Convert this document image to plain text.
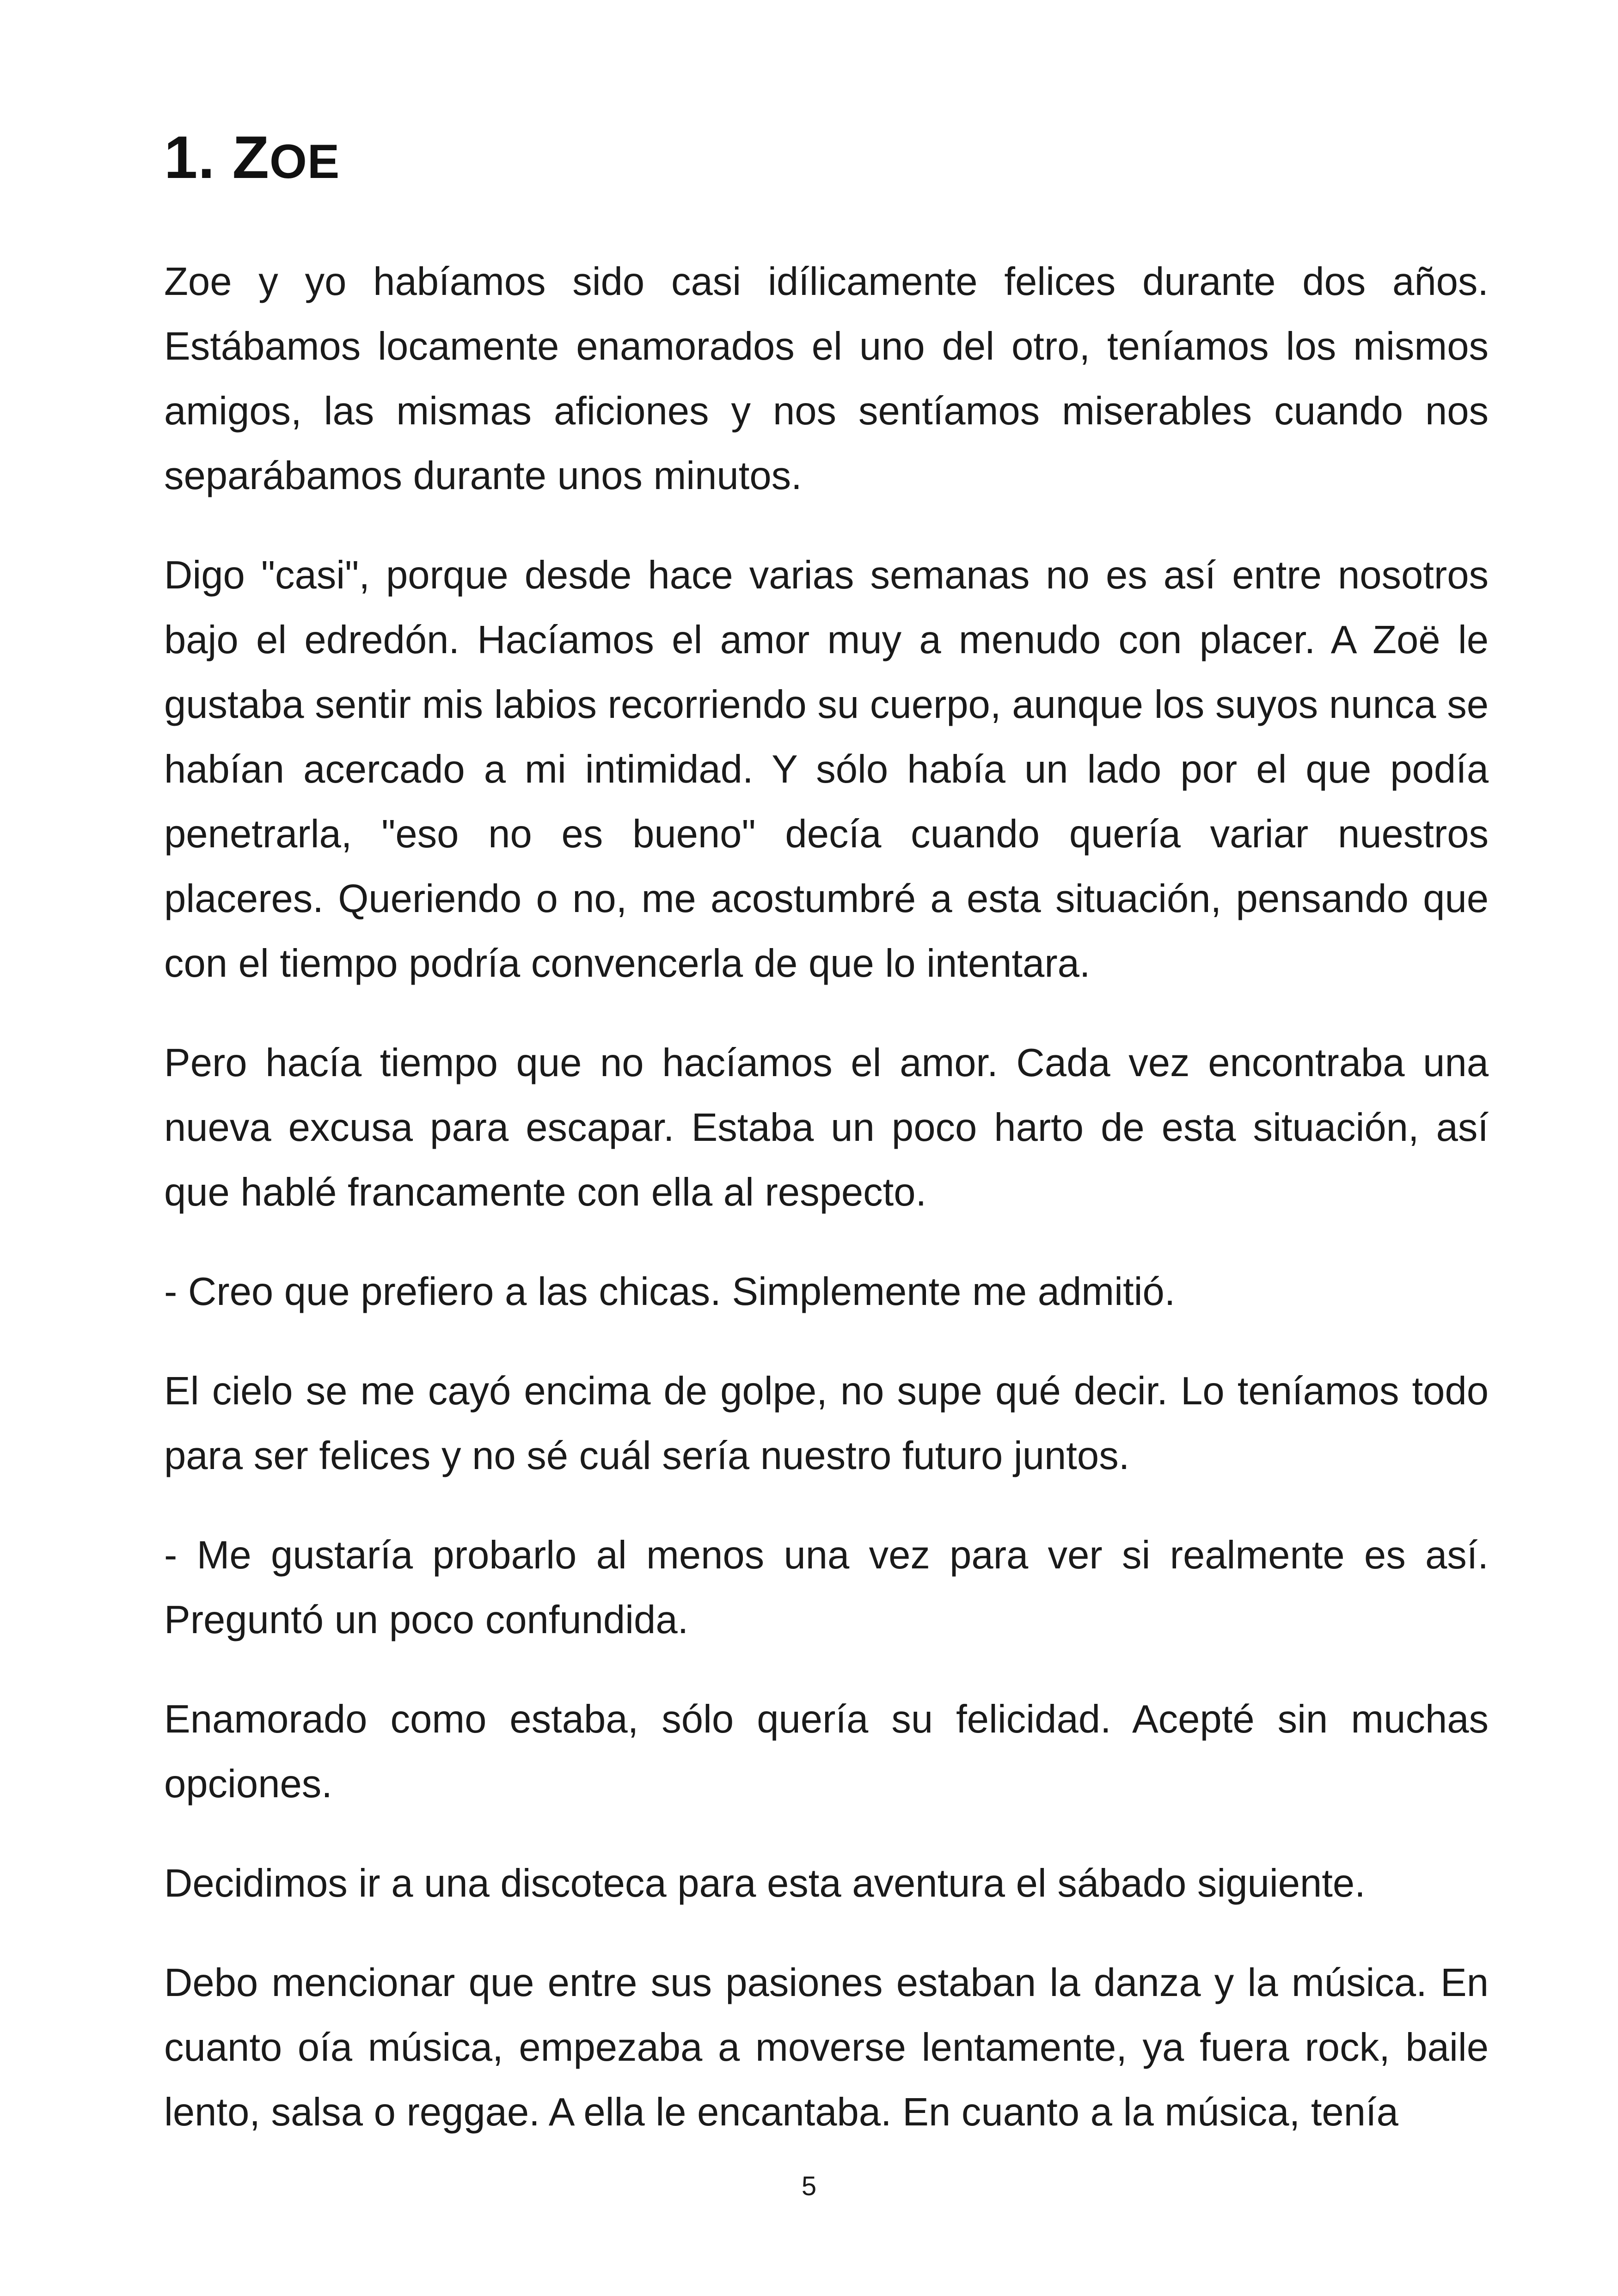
1. ZOE

Zoe y yo habíamos sido casi idílicamente felices durante dos años. Estábamos locamente enamorados el uno del otro, teníamos los mismos amigos, las mismas aficiones y nos sentíamos miserables cuando nos separábamos durante unos minutos.

Digo "casi", porque desde hace varias semanas no es así entre nosotros bajo el edredón. Hacíamos el amor muy a menudo con placer. A Zoë le gustaba sentir mis labios recorriendo su cuerpo, aunque los suyos nunca se habían acercado a mi intimidad. Y sólo había un lado por el que podía penetrarla, "eso no es bueno" decía cuando quería variar nuestros placeres. Queriendo o no, me acostumbré a esta situación, pensando que con el tiempo podría convencerla de que lo intentara.

Pero hacía tiempo que no hacíamos el amor. Cada vez encontraba una nueva excusa para escapar. Estaba un poco harto de esta situación, así que hablé francamente con ella al respecto.

- Creo que prefiero a las chicas. Simplemente me admitió.

El cielo se me cayó encima de golpe, no supe qué decir. Lo teníamos todo para ser felices y no sé cuál sería nuestro futuro juntos.

- Me gustaría probarlo al menos una vez para ver si realmente es así. Preguntó un poco confundida.

Enamorado como estaba, sólo quería su felicidad. Acepté sin muchas opciones.

Decidimos ir a una discoteca para esta aventura el sábado siguiente.

Debo mencionar que entre sus pasiones estaban la danza y la música. En cuanto oía música, empezaba a moverse lentamente, ya fuera rock, baile lento, salsa o reggae. A ella le encantaba. En cuanto a la música, tenía

5
